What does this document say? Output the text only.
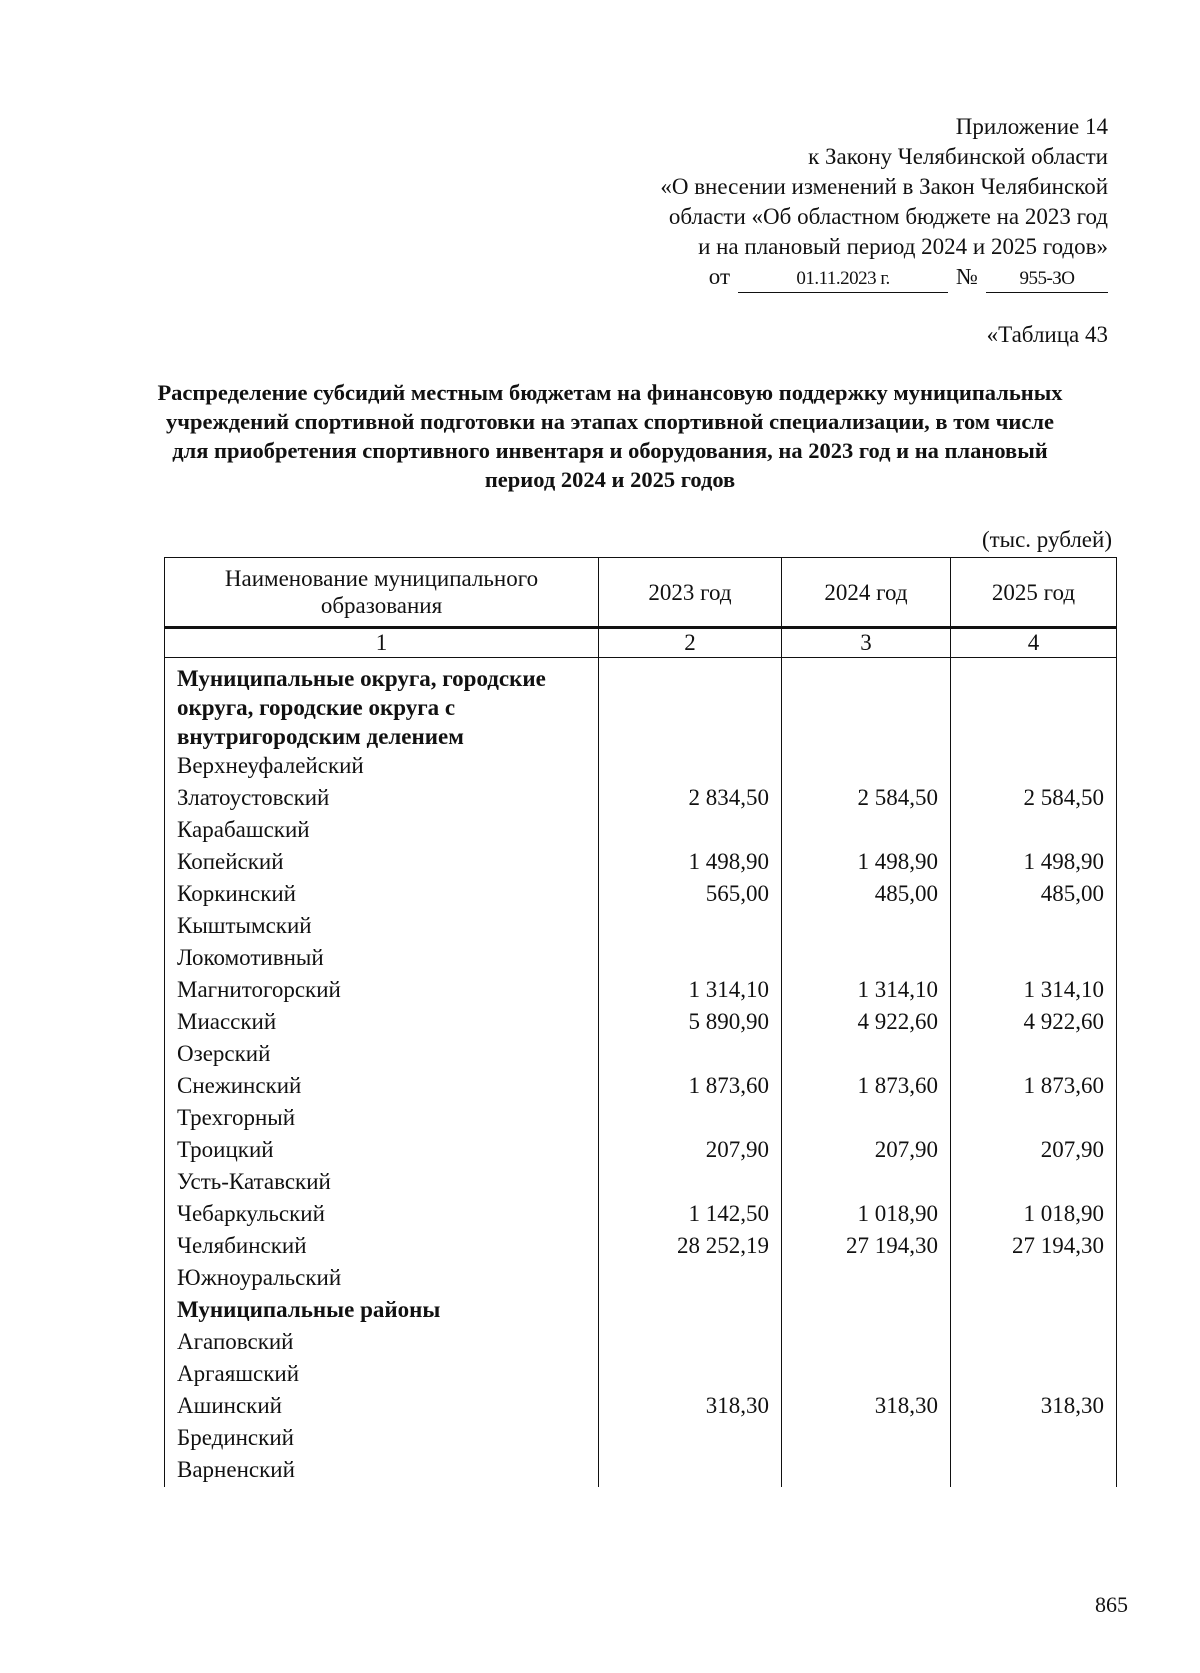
Приложение 14
к Закону Челябинской области
«О внесении изменений в Закон Челябинской
области «Об областном бюджете на 2023 год
и на плановый период 2024 и 2025 годов»
от	01.11.2023 г.	№	955-ЗО
«Таблица 43
Распределение субсидий местным бюджетам на финансовую поддержку муниципальных учреждений спортивной подготовки на этапах спортивной специализации, в том числе для приобретения спортивного инвентаря и оборудования, на 2023 год и на плановый период 2024 и 2025 годов
(тыс. рублей)
Наименование муниципального образования	2023 год	2024 год	2025 год
1	2	3	4
Муниципальные округа, городские округа, городские округа с внутригородским делением			
Верхнеуфалейский			
Златоустовский	2 834,50	2 584,50	2 584,50
Карабашский			
Копейский	1 498,90	1 498,90	1 498,90
Коркинский	565,00	485,00	485,00
Кыштымский			
Локомотивный			
Магнитогорский	1 314,10	1 314,10	1 314,10
Миасский	5 890,90	4 922,60	4 922,60
Озерский			
Снежинский	1 873,60	1 873,60	1 873,60
Трехгорный			
Троицкий	207,90	207,90	207,90
Усть-Катавский			
Чебаркульский	1 142,50	1 018,90	1 018,90
Челябинский	28 252,19	27 194,30	27 194,30
Южноуральский			
Муниципальные районы			
Агаповский			
Аргаяшский			
Ашинский	318,30	318,30	318,30
Брединский			
Варненский			
865
